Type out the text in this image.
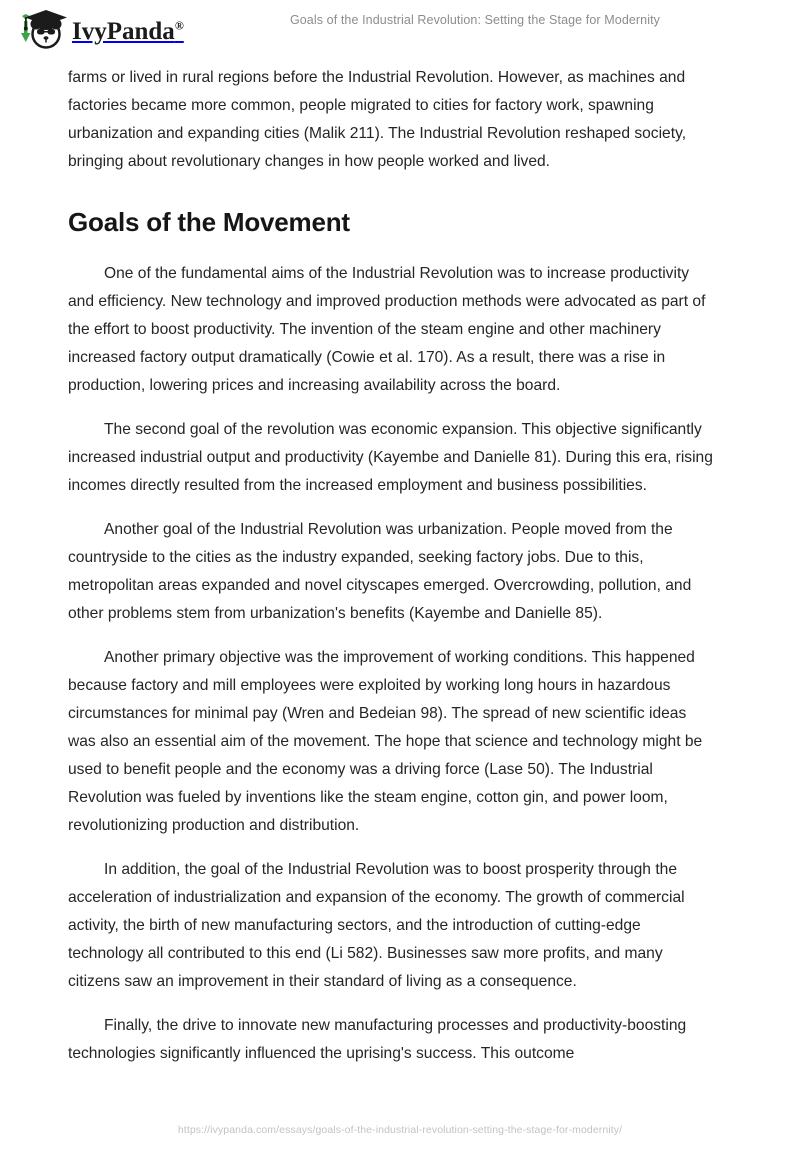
IvyPanda®	Goals of the Industrial Revolution: Setting the Stage for Modernity

farms or lived in rural regions before the Industrial Revolution. However, as machines and factories became more common, people migrated to cities for factory work, spawning urbanization and expanding cities (Malik 211). The Industrial Revolution reshaped society, bringing about revolutionary changes in how people worked and lived.

Goals of the Movement

One of the fundamental aims of the Industrial Revolution was to increase productivity and efficiency. New technology and improved production methods were advocated as part of the effort to boost productivity. The invention of the steam engine and other machinery increased factory output dramatically (Cowie et al. 170). As a result, there was a rise in production, lowering prices and increasing availability across the board.

The second goal of the revolution was economic expansion. This objective significantly increased industrial output and productivity (Kayembe and Danielle 81). During this era, rising incomes directly resulted from the increased employment and business possibilities.

Another goal of the Industrial Revolution was urbanization. People moved from the countryside to the cities as the industry expanded, seeking factory jobs. Due to this, metropolitan areas expanded and novel cityscapes emerged. Overcrowding, pollution, and other problems stem from urbanization's benefits (Kayembe and Danielle 85).

Another primary objective was the improvement of working conditions. This happened because factory and mill employees were exploited by working long hours in hazardous circumstances for minimal pay (Wren and Bedeian 98). The spread of new scientific ideas was also an essential aim of the movement. The hope that science and technology might be used to benefit people and the economy was a driving force (Lase 50). The Industrial Revolution was fueled by inventions like the steam engine, cotton gin, and power loom, revolutionizing production and distribution.

In addition, the goal of the Industrial Revolution was to boost prosperity through the acceleration of industrialization and expansion of the economy. The growth of commercial activity, the birth of new manufacturing sectors, and the introduction of cutting-edge technology all contributed to this end (Li 582). Businesses saw more profits, and many citizens saw an improvement in their standard of living as a consequence.

Finally, the drive to innovate new manufacturing processes and productivity-boosting technologies significantly influenced the uprising's success. This outcome

https://ivypanda.com/essays/goals-of-the-industrial-revolution-setting-the-stage-for-modernity/
